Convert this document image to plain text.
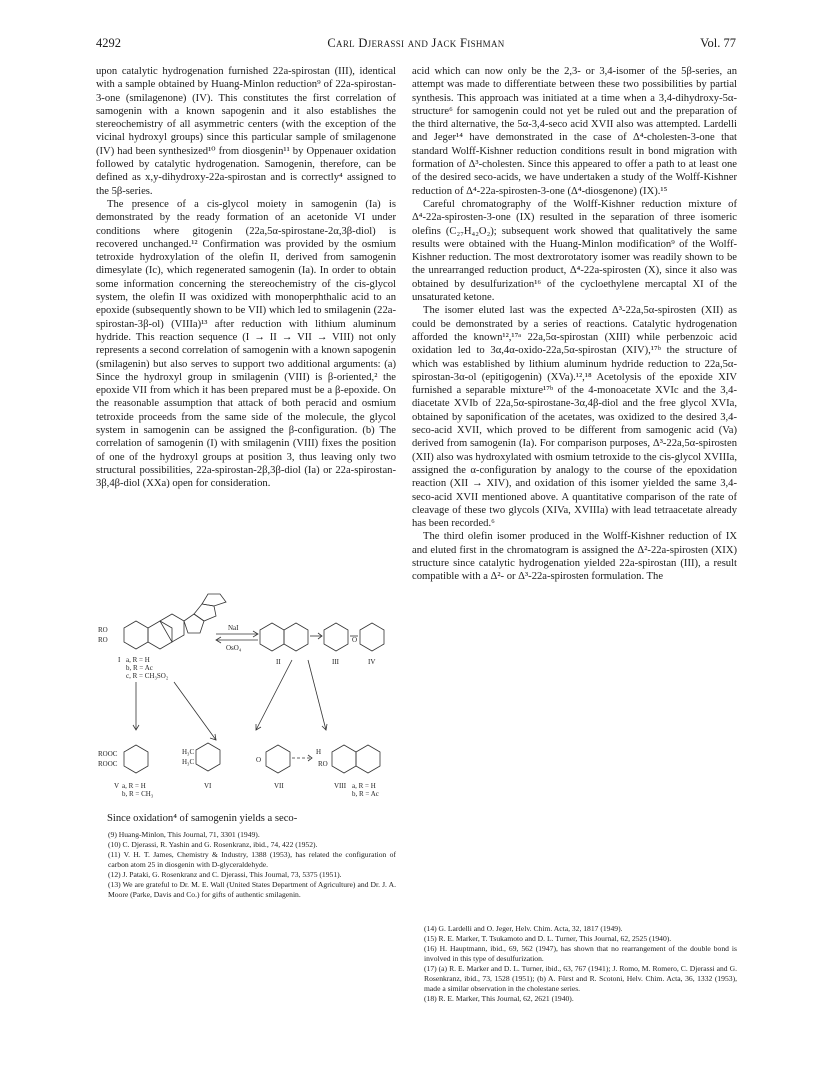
4292	Carl Djerassi and Jack Fishman	Vol. 77

upon catalytic hydrogenation furnished 22a-spirostan (III), identical with a sample obtained by Huang-Minlon reduction⁹ of 22a-spirostan-3-one (smilagenone) (IV). This constitutes the first correlation of samogenin with a known sapogenin and it also establishes the stereochemistry of all asymmetric centers (with the exception of the vicinal hydroxyl groups) since this particular sample of smilagenone (IV) had been synthesized¹⁰ from diosgenin¹¹ by Oppenauer oxidation followed by catalytic hydrogenation. Samogenin, therefore, can be defined as x,y-dihydroxy-22a-spirostan and is correctly⁴ assigned to the 5β-series.

The presence of a cis-glycol moiety in samogenin (Ia) is demonstrated by the ready formation of an acetonide VI under conditions where gitogenin (22a,5α-spirostane-2α,3β-diol) is recovered unchanged.¹² Confirmation was provided by the osmium tetroxide hydroxylation of the olefin II, derived from samogenin dimesylate (Ic), which regenerated samogenin (Ia). In order to obtain some information concerning the stereochemistry of the cis-glycol system, the olefin II was oxidized with monoperphthalic acid to an epoxide (subsequently shown to be VII) which led to smilagenin (22a-spirostan-3β-ol) (VIIIa)¹³ after reduction with lithium aluminum hydride. This reaction sequence (I → II → VII → VIII) not only represents a second correlation of samogenin with a known sapogenin (smilagenin) but also serves to support two additional arguments: (a) Since the hydroxyl group in smilagenin (VIII) is β-oriented,² the epoxide VII from which it has been prepared must be a β-epoxide. On the reasonable assumption that attack of both peracid and osmium tetroxide proceeds from the same side of the molecule, the glycol system in samogenin can be assigned the β-configuration. (b) The correlation of samogenin (I) with smilagenin (VIII) fixes the position of one of the hydroxyl groups at position 3, thus leaving only two structural possibilities, 22a-spirostan-2β,3β-diol (Ia) or 22a-spirostan-3β,4β-diol (XXa) open for consideration.

RO
RO
NaI
OsO₄
I a, R = H
b, R = Ac
c, R = CH₃SO₂
II	III	IV
O
ROOC
ROOC
V a, R = H
b, R = CH₃
H₃C
H₃C
VI
O
VII
H
RO
VIII a, R = H
b, R = Ac

Since oxidation⁴ of samogenin yields a seco-

(9) Huang-Minlon, This Journal, 71, 3301 (1949).

(10) C. Djerassi, R. Yashin and G. Rosenkranz, ibid., 74, 422 (1952).

(11) V. H. T. James, Chemistry & Industry, 1388 (1953), has related the configuration of carbon atom 25 in diosgenin with D-glyceraldehyde.

(12) J. Pataki, G. Rosenkranz and C. Djerassi, This Journal, 73, 5375 (1951).

(13) We are grateful to Dr. M. E. Wall (United States Department of Agriculture) and Dr. J. A. Moore (Parke, Davis and Co.) for gifts of authentic smilagenin.

acid which can now only be the 2,3- or 3,4-isomer of the 5β-series, an attempt was made to differentiate between these two possibilities by partial synthesis. This approach was initiated at a time when a 3,4-dihydroxy-5α-structure⁶ for samogenin could not yet be ruled out and the preparation of the third alternative, the 5α-3,4-seco acid XVII also was attempted. Lardelli and Jeger¹⁴ have demonstrated in the case of Δ⁴-cholesten-3-one that standard Wolff-Kishner reduction conditions result in bond migration with formation of Δ³-cholesten. Since this appeared to offer a path to at least one of the desired seco-acids, we have undertaken a study of the Wolff-Kishner reduction of Δ⁴-22a-spirosten-3-one (Δ⁴-diosgenone) (IX).¹⁵

Careful chromatography of the Wolff-Kishner reduction mixture of Δ⁴-22a-spirosten-3-one (IX) resulted in the separation of three isomeric olefins (C₂₇H₄₂O₂); subsequent work showed that qualitatively the same results were obtained with the Huang-Minlon modification⁹ of the Wolff-Kishner reduction. The most dextrorotatory isomer was readily shown to be the unrearranged reduction product, Δ⁴-22a-spirosten (X), since it also was obtained by desulfurization¹⁶ of the cycloethylene mercaptal XI of the unsaturated ketone.

The isomer eluted last was the expected Δ³-22a,5α-spirosten (XII) as could be demonstrated by a series of reactions. Catalytic hydrogenation afforded the known¹²,¹⁷ᵃ 22a,5α-spirostan (XIII) while perbenzoic acid oxidation led to 3α,4α-oxido-22a,5α-spirostan (XIV),¹⁷ᵇ the structure of which was established by lithium aluminum hydride reduction to 22a,5α-spirostan-3α-ol (epitigogenin) (XVa).¹²,¹⁸ Acetolysis of the epoxide XIV furnished a separable mixture¹⁷ᵇ of the 4-monoacetate XVIc and the 3,4-diacetate XVIb of 22a,5α-spirostane-3α,4β-diol and the free glycol XVIa, obtained by saponification of the acetates, was oxidized to the desired 3,4-seco-acid XVII, which proved to be different from samogenic acid (Va) derived from samogenin (Ia). For comparison purposes, Δ³-22a,5α-spirosten (XII) also was hydroxylated with osmium tetroxide to the cis-glycol XVIIIa, assigned the α-configuration by analogy to the course of the epoxidation reaction (XII → XIV), and oxidation of this isomer yielded the same 3,4-seco-acid XVII mentioned above. A quantitative comparison of the rate of cleavage of these two glycols (XIVa, XVIIIa) with lead tetraacetate already has been recorded.⁶

The third olefin isomer produced in the Wolff-Kishner reduction of IX and eluted first in the chromatogram is assigned the Δ²-22a-spirosten (XIX) structure since catalytic hydrogenation yielded 22a-spirostan (III), a result compatible with a Δ²- or Δ³-22a-spirosten formulation. The

(14) G. Lardelli and O. Jeger, Helv. Chim. Acta, 32, 1817 (1949).

(15) R. E. Marker, T. Tsukamoto and D. L. Turner, This Journal, 62, 2525 (1940).

(16) H. Hauptmann, ibid., 69, 562 (1947), has shown that no rearrangement of the double bond is involved in this type of desulfurization.

(17) (a) R. E. Marker and D. L. Turner, ibid., 63, 767 (1941); J. Romo, M. Romero, C. Djerassi and G. Rosenkranz, ibid., 73, 1528 (1951); (b) A. Fürst and R. Scotoni, Helv. Chim. Acta, 36, 1332 (1953), made a similar observation in the cholestane series.

(18) R. E. Marker, This Journal, 62, 2621 (1940).
